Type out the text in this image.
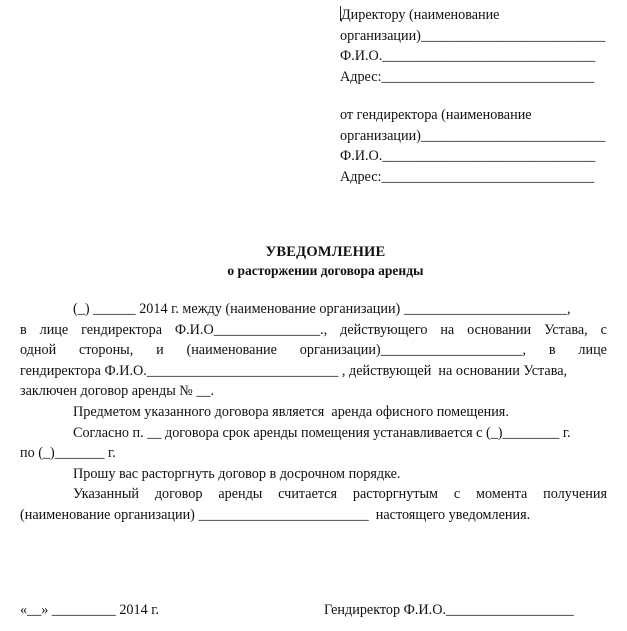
Директору (наименование
организации)__________________________
Ф.И.О.______________________________
Адрес:______________________________
от гендиректора (наименование
организации)__________________________
Ф.И.О.______________________________
Адрес:______________________________
УВЕДОМЛЕНИЕ
о расторжении договора аренды
(_) ______ 2014 г. между (наименование организации) _______________________,
в лице гендиректора Ф.И.О_______________., действующего на основании Устава, с
одной стороны, и (наименование организации)____________________, в лице
гендиректора Ф.И.О.___________________________ , действующей  на основании Устава,
заключен договор аренды № __.
Предметом указанного договора является  аренда офисного помещения.
Согласно п. __ договора срок аренды помещения устанавливается с (_)________ г.
по (_)_______ г.
Прошу вас расторгнуть договор в досрочном порядке.
Указанный договор аренды считается расторгнутым с момента получения
(наименование организации) ________________________  настоящего уведомления.
«__» _________ 2014 г.	Гендиректор Ф.И.О.__________________
